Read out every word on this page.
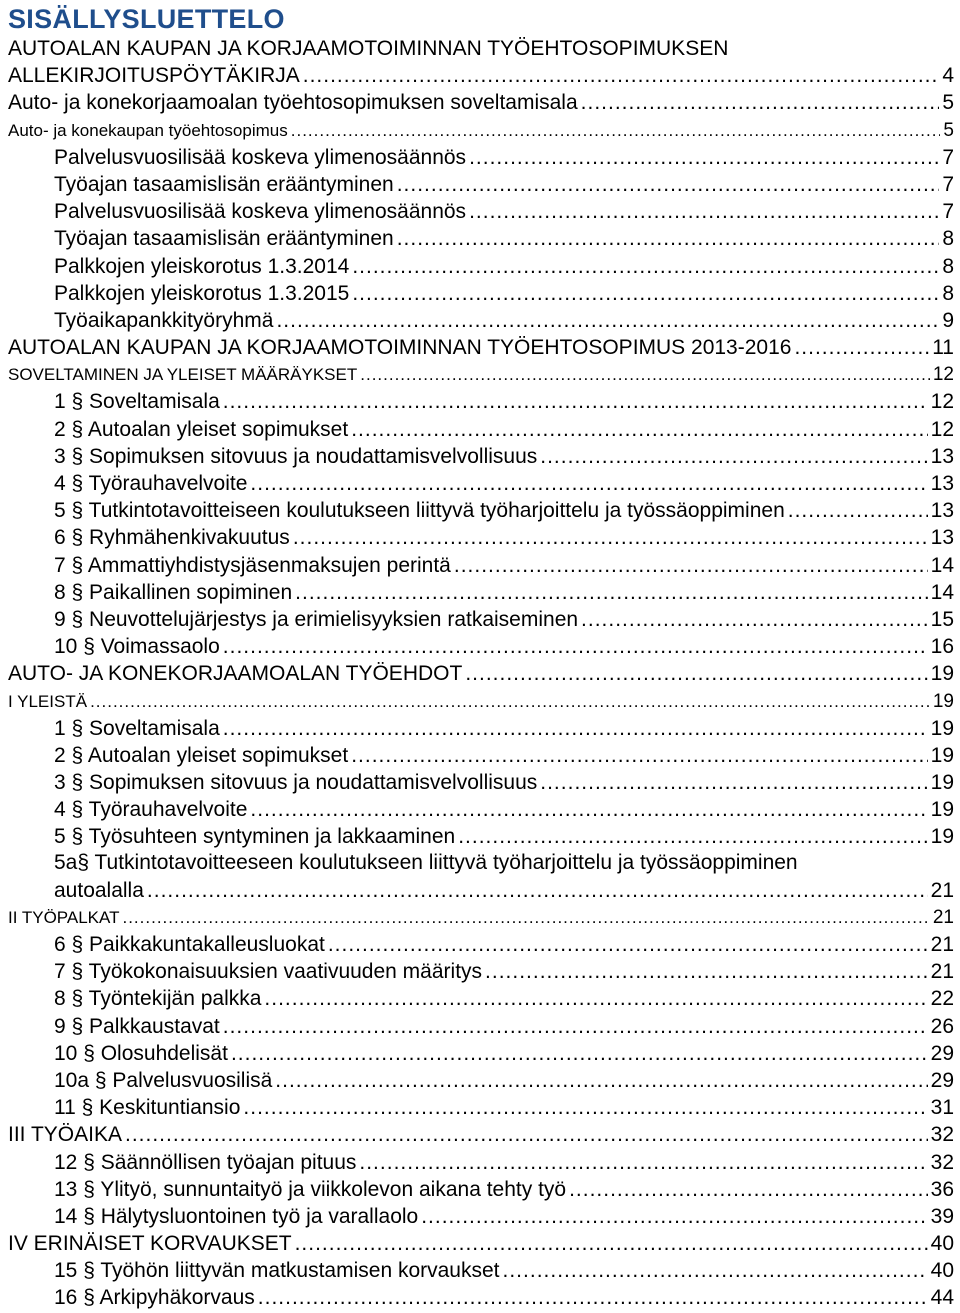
SISÄLLYSLUETTELO
AUTOALAN KAUPAN JA KORJAAMOTOIMINNAN TYÖEHTOSOPIMUKSEN
ALLEKIRJOITUSPÖYTÄKIRJA .....	4
Auto- ja konekorjaamoalan työehtosopimuksen soveltamisala .....	5
Auto- ja konekaupan työehtosopimus .....	5
Palvelusvuosilisää koskeva ylimenosäännös .....	7
Työajan tasaamislisän erääntyminen .....	7
Palvelusvuosilisää koskeva ylimenosäännös .....	7
Työajan tasaamislisän erääntyminen .....	8
Palkkojen yleiskorotus 1.3.2014 .....	8
Palkkojen yleiskorotus 1.3.2015 .....	8
Työaikapankkityöryhmä .....	9
AUTOALAN KAUPAN JA KORJAAMOTOIMINNAN TYÖEHTOSOPIMUS 2013-2016 .....	11
SOVELTAMINEN JA YLEISET MÄÄRÄYKSET .....	12
1 § Soveltamisala .....	12
2 § Autoalan yleiset sopimukset .....	12
3 § Sopimuksen sitovuus ja noudattamisvelvollisuus .....	13
4 § Työrauhavelvoite .....	13
5 § Tutkintotavoitteiseen koulutukseen liittyvä työharjoittelu ja työssäoppiminen .....	13
6 § Ryhmähenkivakuutus .....	13
7 § Ammattiyhdistysjäsenmaksujen perintä .....	14
8 § Paikallinen sopiminen .....	14
9 § Neuvottelujärjestys ja erimielisyyksien ratkaiseminen .....	15
10 § Voimassaolo .....	16
AUTO- JA KONEKORJAAMOALAN TYÖEHDOT .....	19
I YLEISTÄ .....	19
1 § Soveltamisala .....	19
2 § Autoalan yleiset sopimukset .....	19
3 § Sopimuksen sitovuus ja noudattamisvelvollisuus .....	19
4 § Työrauhavelvoite .....	19
5 § Työsuhteen syntyminen ja lakkaaminen .....	19
5a§ Tutkintotavoitteeseen koulutukseen liittyvä työharjoittelu ja työssäoppiminen
autoalalla .....	21
II TYÖPALKAT .....	21
6 § Paikkakuntakalleusluokat .....	21
7 § Työkokonaisuuksien vaativuuden määritys .....	21
8 § Työntekijän palkka .....	22
9 § Palkkaustavat .....	26
10 § Olosuhdelisät .....	29
10a § Palvelusvuosilisä .....	29
11 § Keskituntiansio .....	31
III TYÖAIKA .....	32
12 § Säännöllisen työajan pituus .....	32
13 § Ylityö, sunnuntaityö ja viikkolevon aikana tehty työ .....	36
14 § Hälytysluontoinen työ ja varallaolo .....	39
IV ERINÄISET KORVAUKSET .....	40
15 § Työhön liittyvän matkustamisen korvaukset .....	40
16 § Arkipyhäkorvaus .....	44
